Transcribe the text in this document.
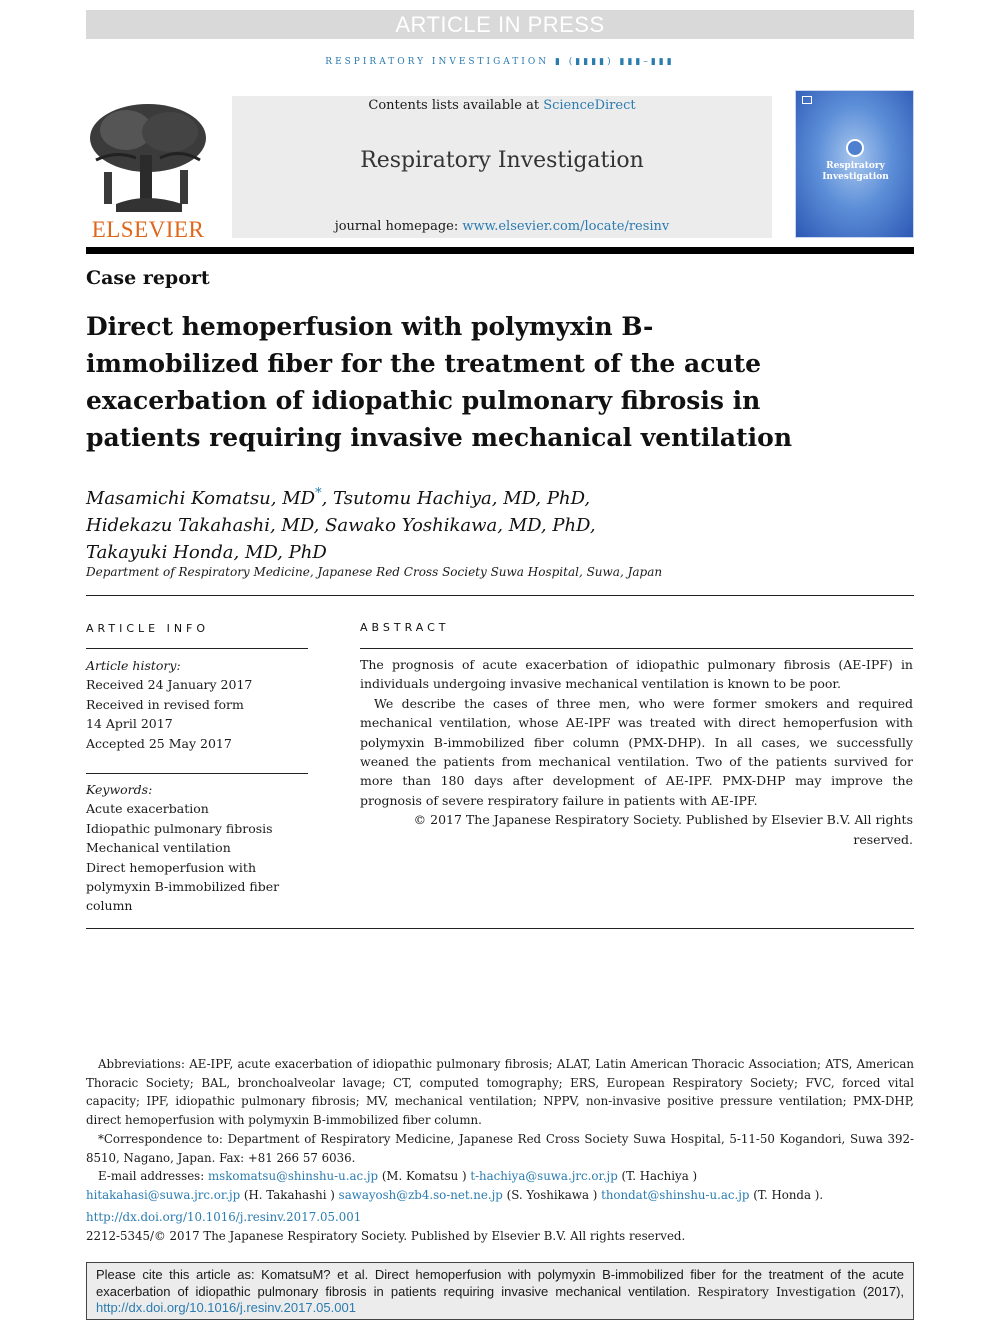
ARTICLE IN PRESS
RESPIRATORY INVESTIGATION ▮ (▮▮▮▮) ▮▮▮–▮▮▮
ELSEVIER
Contents lists available at ScienceDirect
Respiratory Investigation
journal homepage: www.elsevier.com/locate/resinv
Respiratory
Investigation
Case report
Direct hemoperfusion with polymyxin B-immobilized fiber for the treatment of the acute exacerbation of idiopathic pulmonary fibrosis in patients requiring invasive mechanical ventilation
Masamichi Komatsu, MD*, Tsutomu Hachiya, MD, PhD,
Hidekazu Takahashi, MD, Sawako Yoshikawa, MD, PhD,
Takayuki Honda, MD, PhD
Department of Respiratory Medicine, Japanese Red Cross Society Suwa Hospital, Suwa, Japan
ARTICLE INFO	ABSTRACT
Article history:
Received 24 January 2017
Received in revised form
14 April 2017
Accepted 25 May 2017
Keywords:
Acute exacerbation
Idiopathic pulmonary fibrosis
Mechanical ventilation
Direct hemoperfusion with
polymyxin B-immobilized fiber
column

The prognosis of acute exacerbation of idiopathic pulmonary fibrosis (AE-IPF) in individuals undergoing invasive mechanical ventilation is known to be poor.

We describe the cases of three men, who were former smokers and required mechanical ventilation, whose AE-IPF was treated with direct hemoperfusion with polymyxin B-immobilized fiber column (PMX-DHP). In all cases, we successfully weaned the patients from mechanical ventilation. Two of the patients survived for more than 180 days after development of AE-IPF. PMX-DHP may improve the prognosis of severe respiratory failure in patients with AE-IPF.

© 2017 The Japanese Respiratory Society. Published by Elsevier B.V. All rights reserved.

Abbreviations: AE-IPF, acute exacerbation of idiopathic pulmonary fibrosis; ALAT, Latin American Thoracic Association; ATS, American Thoracic Society; BAL, bronchoalveolar lavage; CT, computed tomography; ERS, European Respiratory Society; FVC, forced vital capacity; IPF, idiopathic pulmonary fibrosis; MV, mechanical ventilation; NPPV, non-invasive positive pressure ventilation; PMX-DHP, direct hemoperfusion with polymyxin B-immobilized fiber column.

*Correspondence to: Department of Respiratory Medicine, Japanese Red Cross Society Suwa Hospital, 5-11-50 Kogandori, Suwa 392-8510, Nagano, Japan. Fax: +81 266 57 6036.

E-mail addresses: mskomatsu@shinshu-u.ac.jp (M. Komatsu ) t-hachiya@suwa.jrc.or.jp (T. Hachiya )

hitakahasi@suwa.jrc.or.jp (H. Takahashi ) sawayosh@zb4.so-net.ne.jp (S. Yoshikawa ) thondat@shinshu-u.ac.jp (T. Honda ).

http://dx.doi.org/10.1016/j.resinv.2017.05.001
2212-5345/© 2017 The Japanese Respiratory Society. Published by Elsevier B.V. All rights reserved.
Please cite this article as: KomatsuM? et al. Direct hemoperfusion with polymyxin B-immobilized fiber for the treatment of the acute exacerbation of idiopathic pulmonary fibrosis in patients requiring invasive mechanical ventilation. Respiratory Investigation (2017), http://dx.doi.org/10.1016/j.resinv.2017.05.001
